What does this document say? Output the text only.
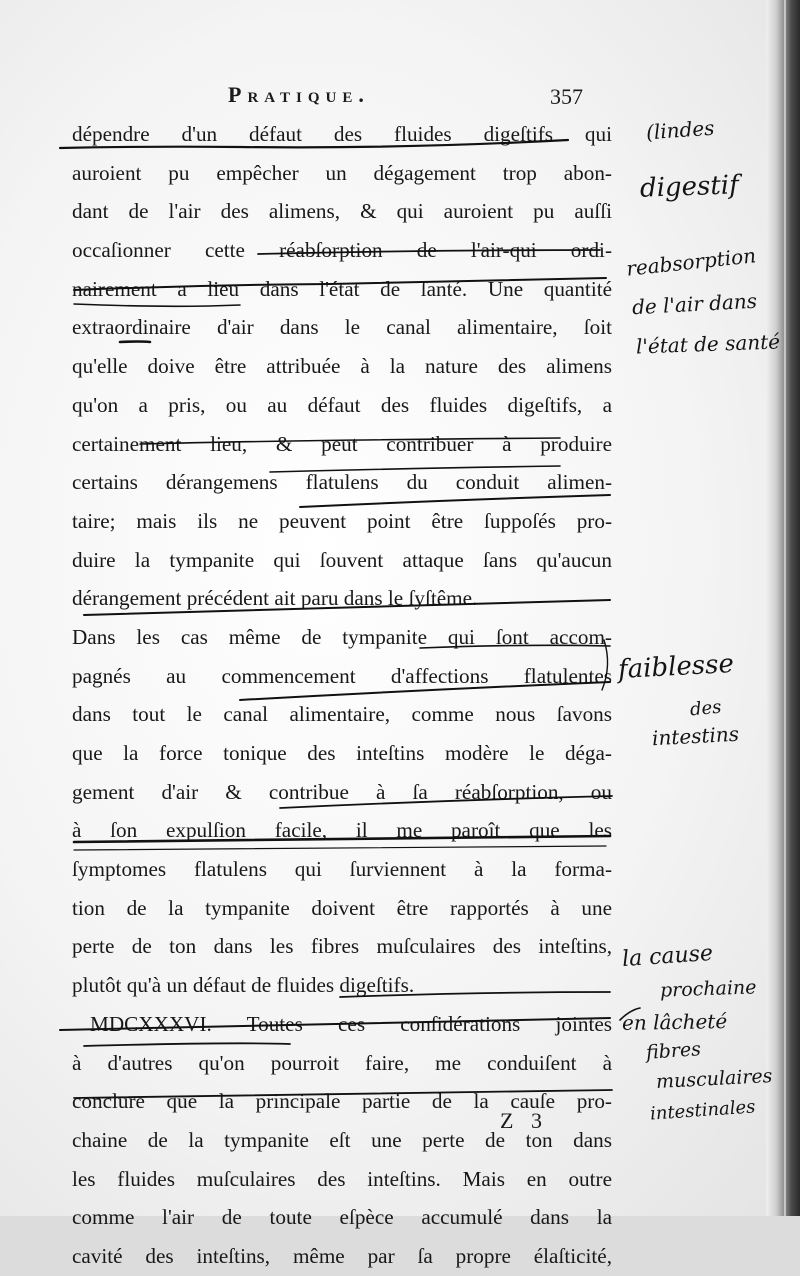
Pratique.	357
dépendre d'un défaut des fluides digeſtifs qui
auroient pu empêcher un dégagement trop abon-
dant de l'air des alimens, & qui auroient pu auſſi
occaſionner cette réabſorption de l'air-qui ordi-
nairement a lieu dans l'état de ſanté. Une quantité
extraordinaire d'air dans le canal alimentaire, ſoit
qu'elle doive être attribuée à la nature des alimens
qu'on a pris, ou au défaut des fluides digeſtifs, a
certainement lieu, & peut contribuer à produire
certains dérangemens flatulens du conduit alimen-
taire; mais ils ne peuvent point être ſuppoſés pro-
duire la tympanite qui ſouvent attaque ſans qu'aucun
dérangement précédent ait paru dans le ſyſtême.
Dans les cas même de tympanite qui ſont accom-
pagnés au commencement d'affections flatulentes
dans tout le canal alimentaire, comme nous ſavons
que la force tonique des inteſtins modère le déga-
gement d'air & contribue à ſa réabſorption, ou
à ſon expulſion facile, il me paroît que les
ſymptomes flatulens qui ſurviennent à la forma-
tion de la tympanite doivent être rapportés à une
perte de ton dans les fibres muſculaires des inteſtins,
plutôt qu'à un défaut de fluides digeſtifs.
MDCXXXVI. Toutes ces conſidérations jointes
à d'autres qu'on pourroit faire, me conduiſent à
conclure que la principale partie de la cauſe pro-
chaine de la tympanite eſt une perte de ton dans
les fluides muſculaires des inteſtins. Mais en outre
comme l'air de toute eſpèce accumulé dans la
cavité des inteſtins, même par ſa propre élaſticité,
Z 3
(lindes
digestif
reabsorption
de l'air dans
l'état de santé
faiblesse
des
intestins
la cause
prochaine
en lâcheté
fibres
musculaires
intestinales
